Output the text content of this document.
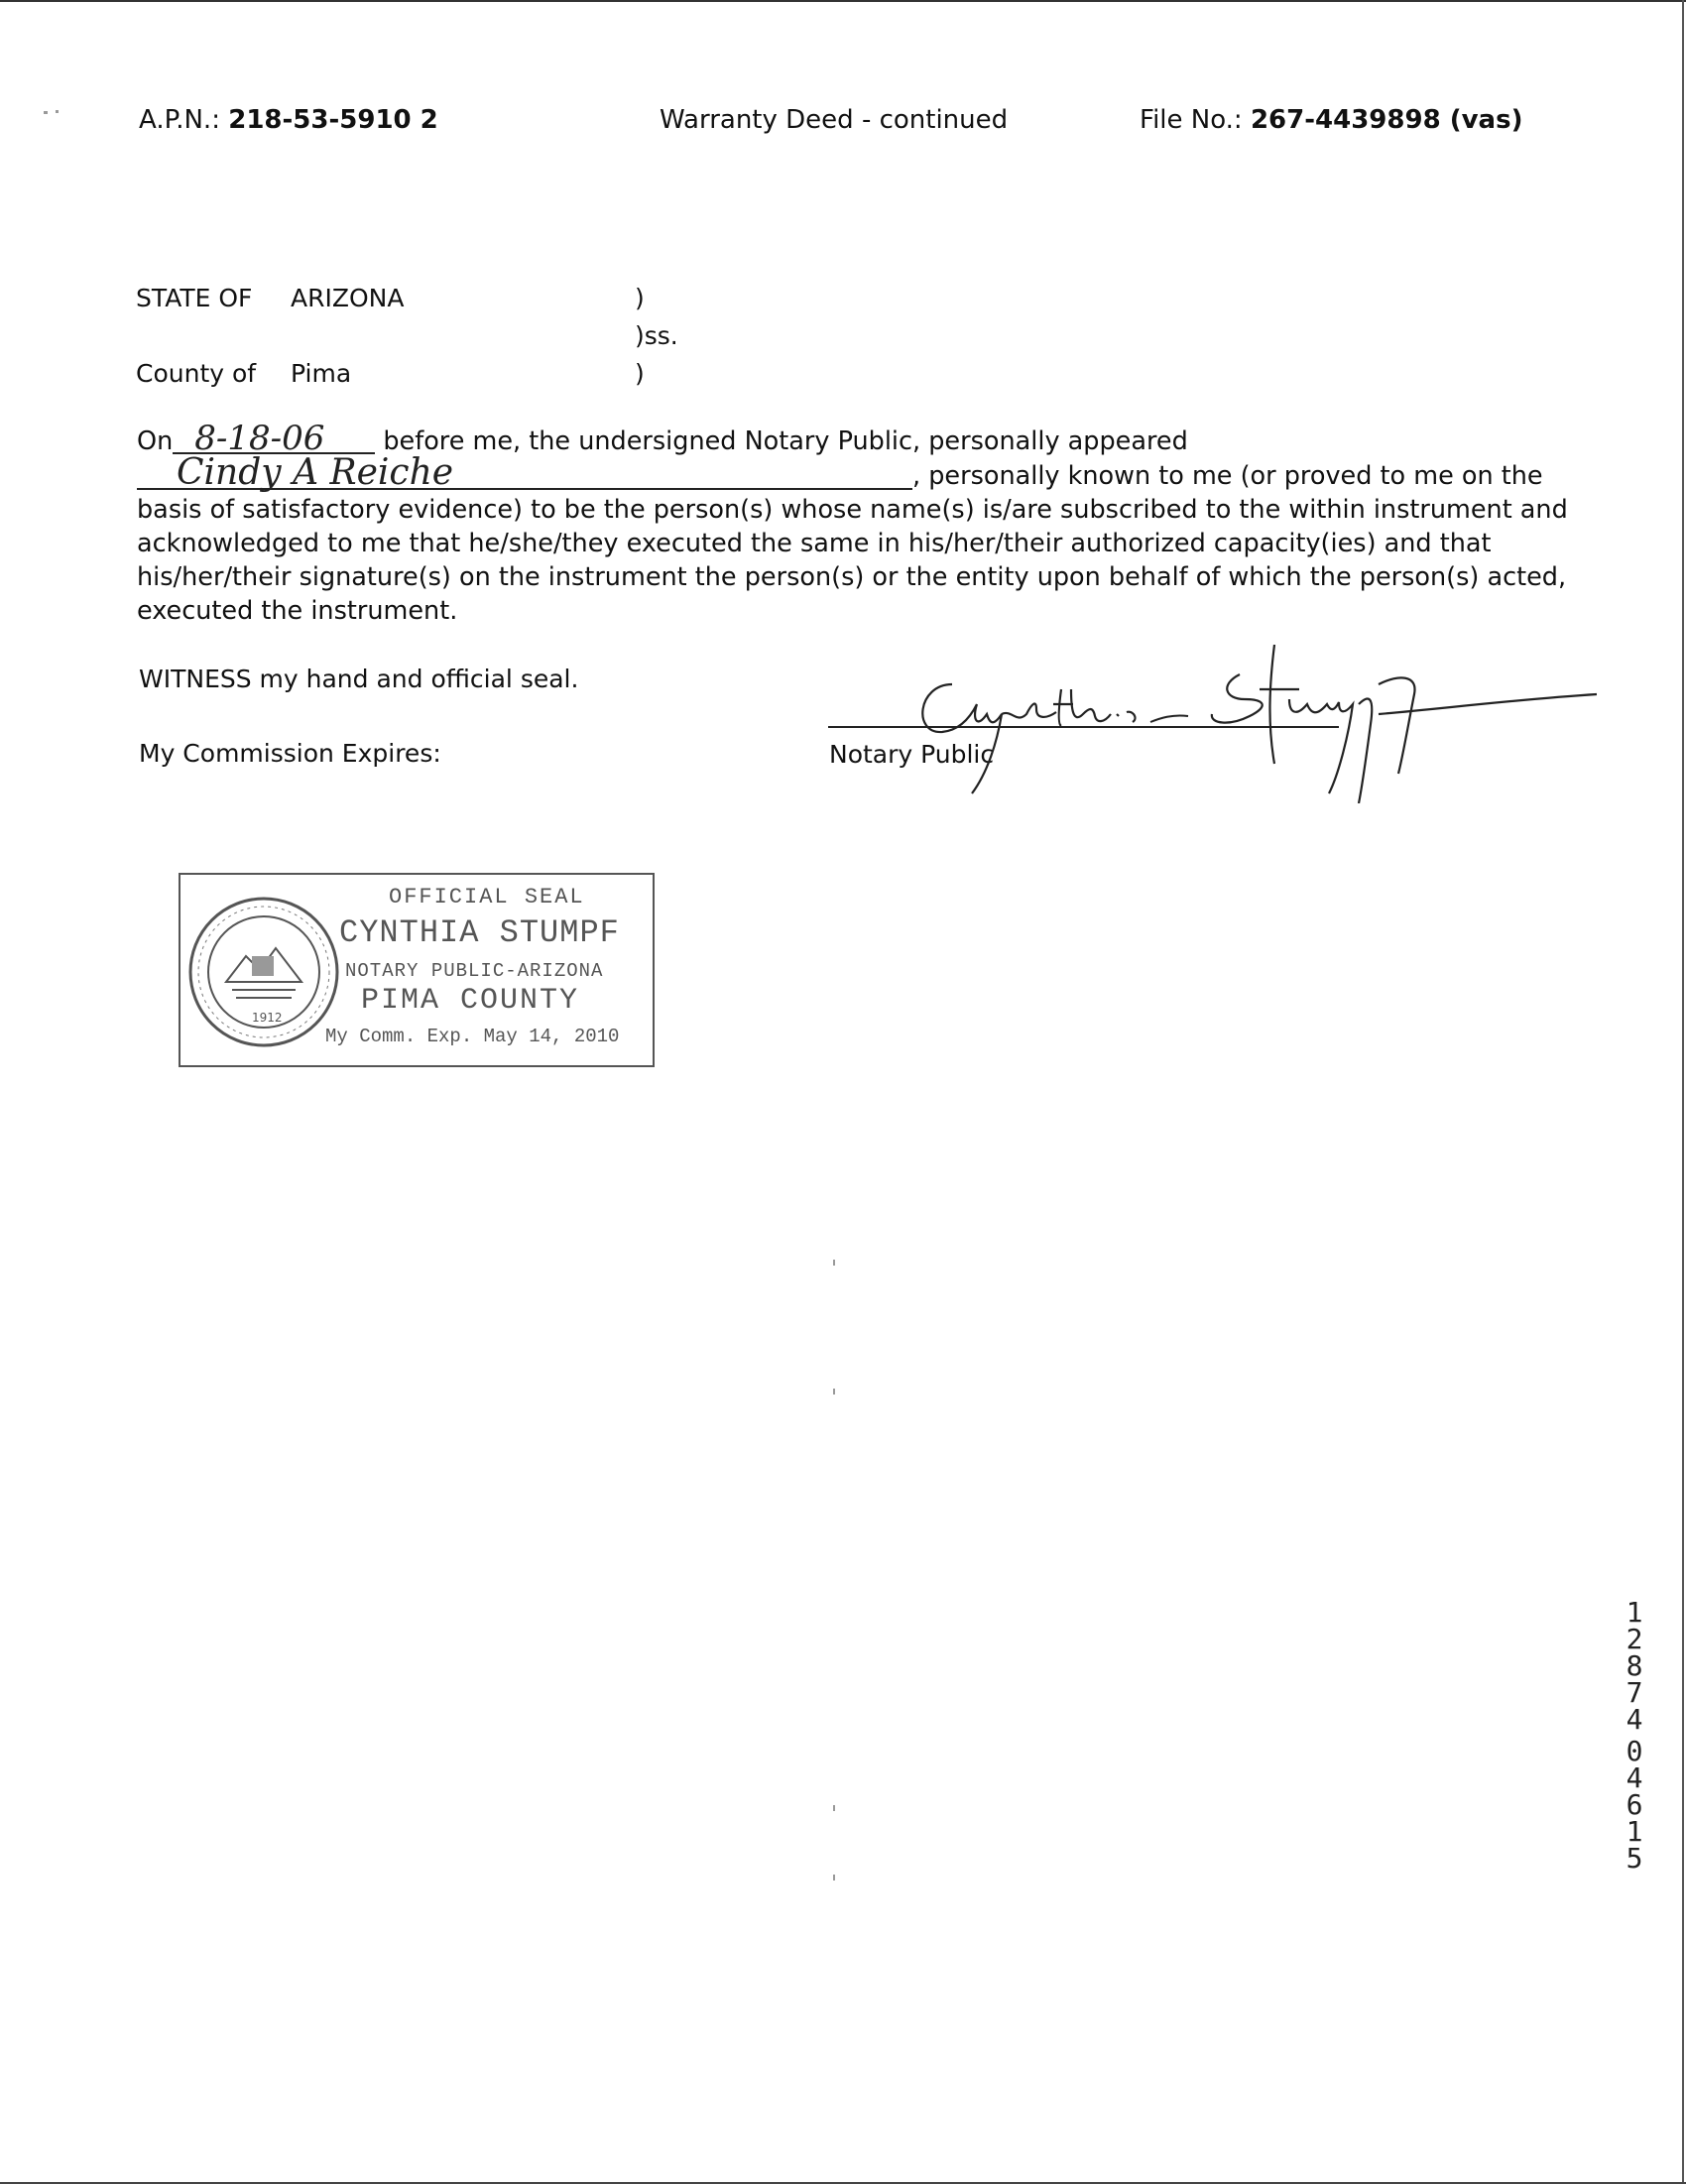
A.P.N.: 218-53-5910 2	Warranty Deed - continued	File No.: 267-4439898 (vas)
STATE OF ARIZONA	)
)ss.
County of Pima	)
On 8-18-06 before me, the undersigned Notary Public, personally appeared
Cindy A Reiche	, personally known to me (or proved to me on the
basis of satisfactory evidence) to be the person(s) whose name(s) is/are subscribed to the within instrument and
acknowledged to me that he/she/they executed the same in his/her/their authorized capacity(ies) and that
his/her/their signature(s) on the instrument the person(s) or the entity upon behalf of which the person(s) acted,
executed the instrument.
WITNESS my hand and official seal.
My Commission Expires:	Notary Public
1912
OFFICIAL SEAL
CYNTHIA STUMPF
NOTARY PUBLIC-ARIZONA
PIMA COUNTY
My Comm. Exp. May 14, 2010
1
2
8
7
4
0
4
6
1
5
